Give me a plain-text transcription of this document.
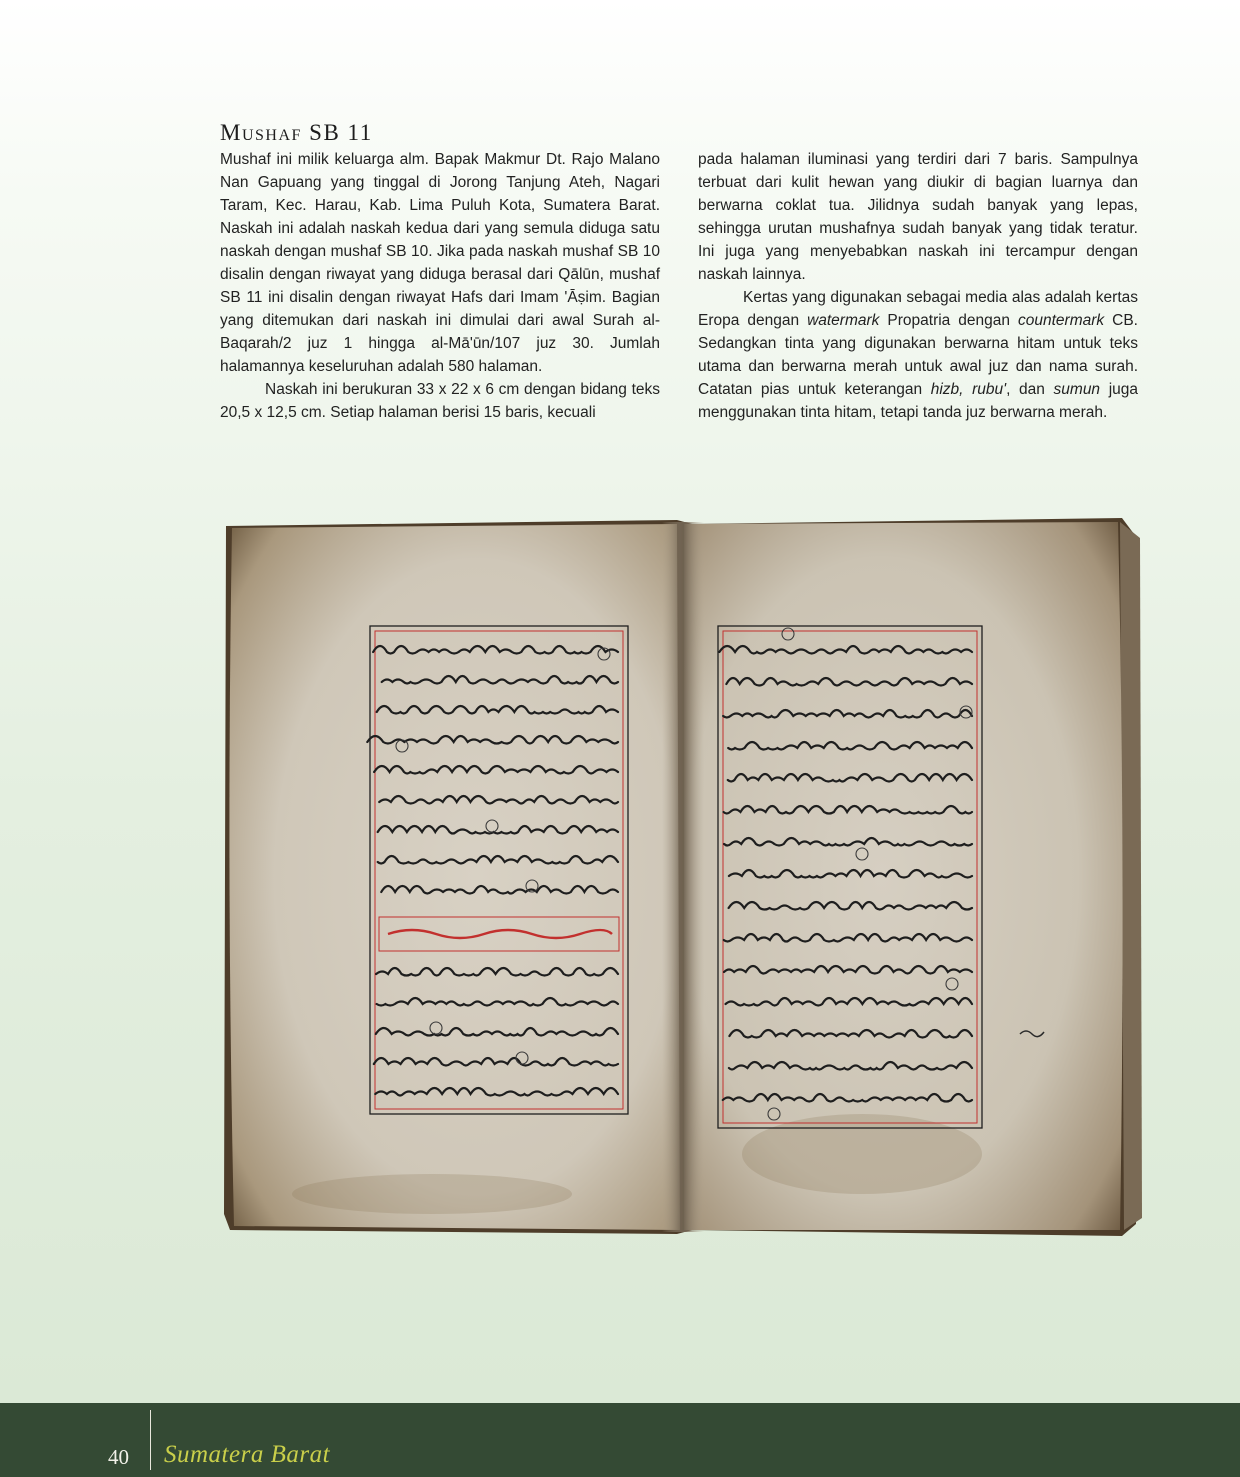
Mushaf SB 11

Mushaf ini milik keluarga alm. Bapak Makmur Dt. Rajo Malano Nan Gapuang yang tinggal di Jorong Tanjung Ateh, Nagari Taram, Kec. Harau, Kab. Lima Puluh Kota, Sumatera Barat. Naskah ini adalah naskah kedua dari yang semula diduga satu naskah dengan mushaf SB 10. Jika pada naskah mushaf SB 10 disalin dengan riwayat yang diduga berasal dari Qālūn, mushaf SB 11 ini disalin dengan riwayat Hafs dari Imam 'Āṣim. Bagian yang ditemukan dari naskah ini dimulai dari awal Surah al-Baqarah/2 juz 1 hingga al-Mā'ūn/107 juz 30. Jumlah halamannya keseluruhan adalah 580 halaman.

Naskah ini berukuran 33 x 22 x 6 cm dengan bidang teks 20,5 x 12,5 cm. Setiap halaman berisi 15 baris, kecuali

pada halaman iluminasi yang terdiri dari 7 baris. Sampulnya terbuat dari kulit hewan yang diukir di bagian luarnya dan berwarna coklat tua. Jilidnya sudah banyak yang lepas, sehingga urutan mushafnya sudah banyak yang tidak teratur. Ini juga yang menyebabkan naskah ini tercampur dengan naskah lainnya.

Kertas yang digunakan sebagai media alas adalah kertas Eropa dengan watermark Propatria dengan countermark CB. Sedangkan tinta yang digunakan berwarna hitam untuk teks utama dan berwarna merah untuk awal juz dan nama surah. Catatan pias untuk keterangan hizb, rubu', dan sumun juga menggunakan tinta hitam, tetapi tanda juz berwarna merah.

40 Sumatera Barat
